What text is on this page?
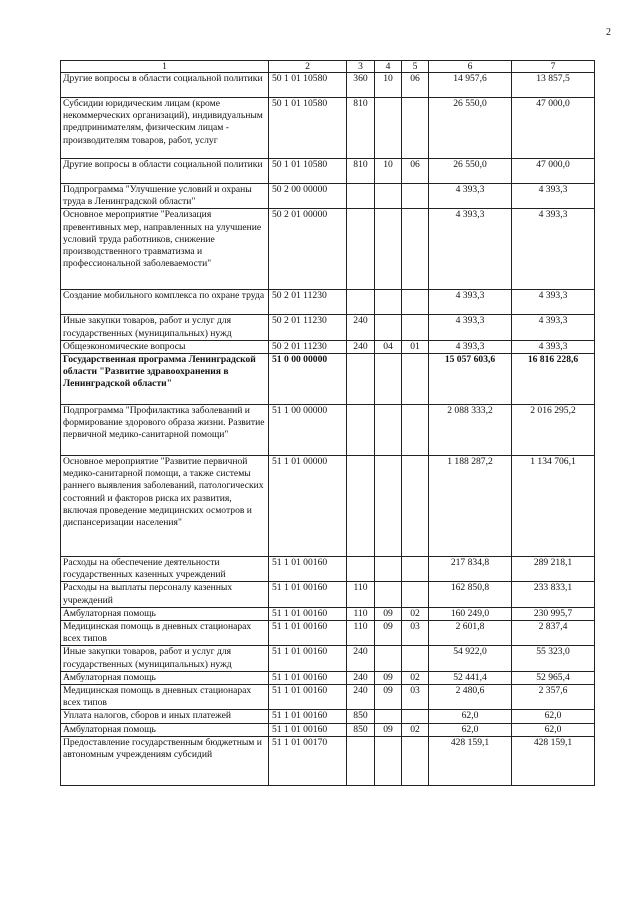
2
1	2	3	4	5	6	7
Другие вопросы в области социальной политики	50 1 01 10580	360	10	06	14 957,6	13 857,5
Субсидии юридическим лицам (кроме некоммерческих организаций), индивидуальным предпринимателям, физическим лицам - производителям товаров, работ, услуг	50 1 01 10580	810			26 550,0	47 000,0
Другие вопросы в области социальной политики	50 1 01 10580	810	10	06	26 550,0	47 000,0
Подпрограмма "Улучшение условий и охраны труда в Ленинградской области"	50 2 00 00000				4 393,3	4 393,3
Основное мероприятие "Реализация превентивных мер, направленных на улучшение условий труда работников, снижение производственного травматизма и профессиональной заболеваемости"	50 2 01 00000				4 393,3	4 393,3
Создание мобильного комплекса по охране труда	50 2 01 11230				4 393,3	4 393,3
Иные закупки товаров, работ и услуг для государственных (муниципальных) нужд	50 2 01 11230	240			4 393,3	4 393,3
Общеэкономические вопросы	50 2 01 11230	240	04	01	4 393,3	4 393,3
Государственная программа Ленинградской области "Развитие здравоохранения в Ленинградской области"	51 0 00 00000				15 057 603,6	16 816 228,6
Подпрограмма "Профилактика заболеваний и формирование здорового образа жизни. Развитие первичной медико-санитарной помощи"	51 1 00 00000				2 088 333,2	2 016 295,2
Основное мероприятие "Развитие первичной медико-санитарной помощи, а также системы раннего выявления заболеваний, патологических состояний и факторов риска их развития, включая проведение медицинских осмотров и диспансеризации населения"	51 1 01 00000				1 188 287,2	1 134 706,1
Расходы на обеспечение деятельности государственных казенных учреждений	51 1 01 00160				217 834,8	289 218,1
Расходы на выплаты персоналу казенных учреждений	51 1 01 00160	110			162 850,8	233 833,1
Амбулаторная помощь	51 1 01 00160	110	09	02	160 249,0	230 995,7
Медицинская помощь в дневных стационарах всех типов	51 1 01 00160	110	09	03	2 601,8	2 837,4
Иные закупки товаров, работ и услуг для государственных (муниципальных) нужд	51 1 01 00160	240			54 922,0	55 323,0
Амбулаторная помощь	51 1 01 00160	240	09	02	52 441,4	52 965,4
Медицинская помощь в дневных стационарах всех типов	51 1 01 00160	240	09	03	2 480,6	2 357,6
Уплата налогов, сборов и иных платежей	51 1 01 00160	850			62,0	62,0
Амбулаторная помощь	51 1 01 00160	850	09	02	62,0	62,0
Предоставление государственным бюджетным и автономным учреждениям субсидий	51 1 01 00170				428 159,1	428 159,1
